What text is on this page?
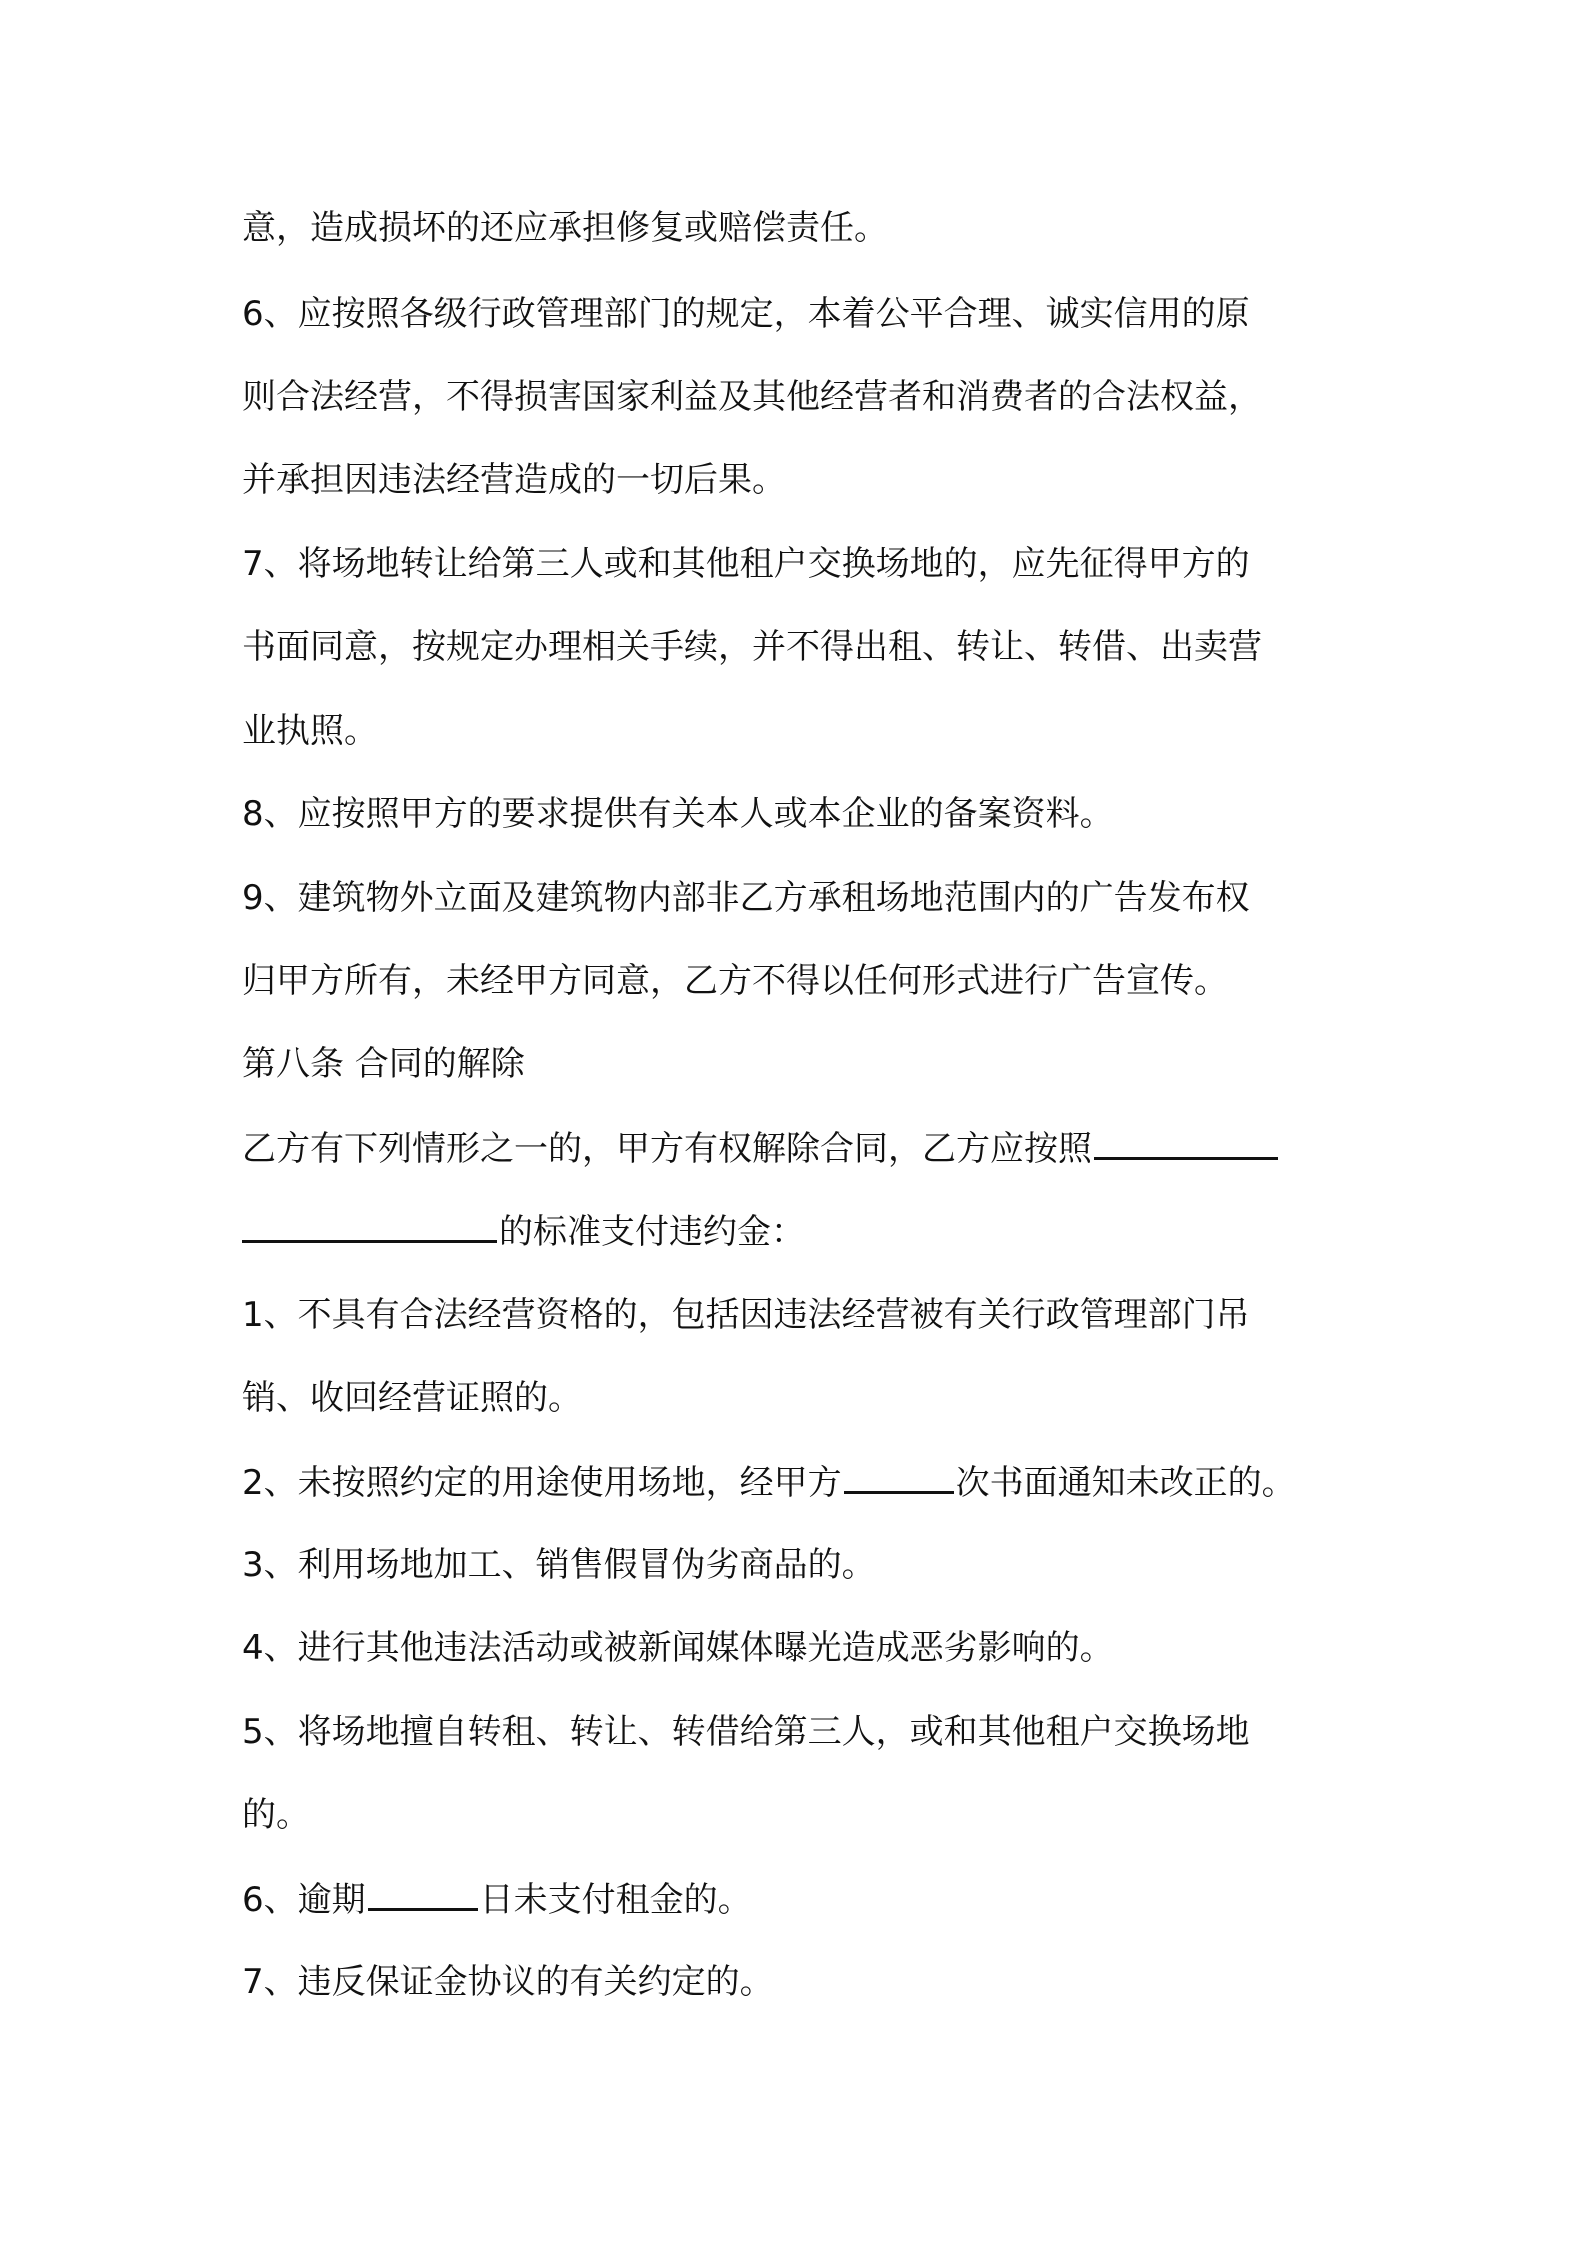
意，造成损坏的还应承担修复或赔偿责任。
6、应按照各级行政管理部门的规定，本着公平合理、诚实信用的原
则合法经营，不得损害国家利益及其他经营者和消费者的合法权益，
并承担因违法经营造成的一切后果。
7、将场地转让给第三人或和其他租户交换场地的，应先征得甲方的
书面同意，按规定办理相关手续，并不得出租、转让、转借、出卖营
业执照。
8、应按照甲方的要求提供有关本人或本企业的备案资料。
9、建筑物外立面及建筑物内部非乙方承租场地范围内的广告发布权
归甲方所有，未经甲方同意，乙方不得以任何形式进行广告宣传。
第八条 合同的解除
乙方有下列情形之一的，甲方有权解除合同，乙方应按照
的标准支付违约金：
1、不具有合法经营资格的，包括因违法经营被有关行政管理部门吊
销、收回经营证照的。
2、未按照约定的用途使用场地，经甲方	次书面通知未改正的。
3、利用场地加工、销售假冒伪劣商品的。
4、进行其他违法活动或被新闻媒体曝光造成恶劣影响的。
5、将场地擅自转租、转让、转借给第三人，或和其他租户交换场地
的。
6、逾期	日未支付租金的。
7、违反保证金协议的有关约定的。
